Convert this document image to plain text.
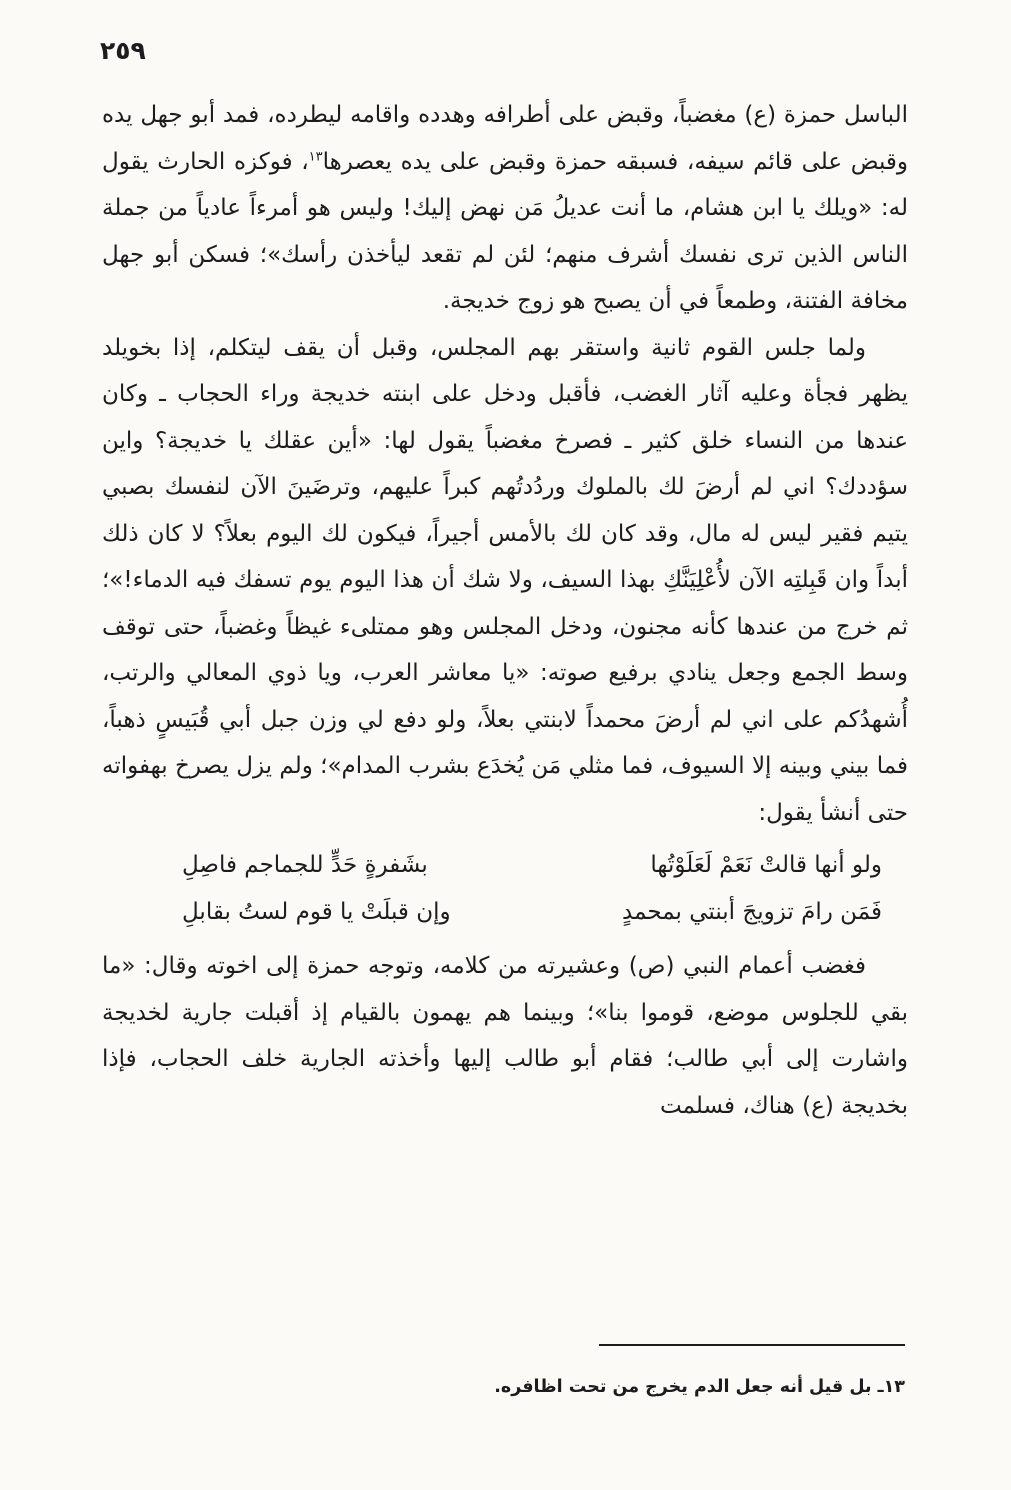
٢٥٩

الباسل حمزة (ع) مغضباً، وقبض على أطرافه وهدده واقامه ليطرده، فمد أبو جهل يده وقبض على قائم سيفه، فسبقه حمزة وقبض على يده يعصرها$^{١٣}$، فوكزه الحارث يقول له: «ويلك يا ابن هشام، ما أنت عديلُ مَن نهض إليك! وليس هو أمرءاً عادياً من جملة الناس الذين ترى نفسك أشرف منهم؛ لئن لم تقعد ليأخذن رأسك»؛ فسكن أبو جهل مخافة الفتنة، وطمعاً في أن يصبح هو زوج خديجة.

ولما جلس القوم ثانية واستقر بهم المجلس، وقبل أن يقف ليتكلم، إذا بخويلد يظهر فجأة وعليه آثار الغضب، فأقبل ودخل على ابنته خديجة وراء الحجاب ـ وكان عندها من النساء خلق كثير ـ فصرخ مغضباً يقول لها: «أين عقلك يا خديجة؟ واين سؤددك؟ اني لم أرضَ لك بالملوك وردُدتُهم كبراً عليهم، وترضَينَ الآن لنفسك بصبي يتيم فقير ليس له مال، وقد كان لك بالأمس أجيراً، فيكون لك اليوم بعلاً؟ لا كان ذلك أبداً وان قَبِلتِه الآن لأُعْلِيَنَّكِ بهذا السيف، ولا شك أن هذا اليوم يوم تسفك فيه الدماء!»؛ ثم خرج من عندها كأنه مجنون، ودخل المجلس وهو ممتلىء غيظاً وغضباً، حتى توقف وسط الجمع وجعل ينادي برفيع صوته: «يا معاشر العرب، ويا ذوي المعالي والرتب، أُشهدُكم على اني لم أرضَ محمداً لابنتي بعلاً، ولو دفع لي وزن جبل أبي قُبَيسٍ ذهباً، فما بيني وبينه إلا السيوف، فما مثلي مَن يُخدَع بشرب المدام»؛ ولم يزل يصرخ بهفواته حتى أنشأ يقول:

ولو أنها قالتْ نَعَمْ لَعَلَوْتُها
بشَفرةٍ حَدٍّ للجماجم فاصِلِ
فَمَن رامَ تزويجَ أبنتي بمحمدٍ
وإن قبلَتْ يا قوم لستُ بقابلِ

فغضب أعمام النبي (ص) وعشيرته من كلامه، وتوجه حمزة إلى اخوته وقال: «ما بقي للجلوس موضع، قوموا بنا»؛ وبينما هم يهمون بالقيام إذ أقبلت جارية لخديجة واشارت إلى أبي طالب؛ فقام أبو طالب إليها وأخذته الجارية خلف الحجاب، فإذا بخديجة (ع) هناك، فسلمت

١٣ـ بل قيل أنه جعل الدم يخرج من تحت اظافره.
